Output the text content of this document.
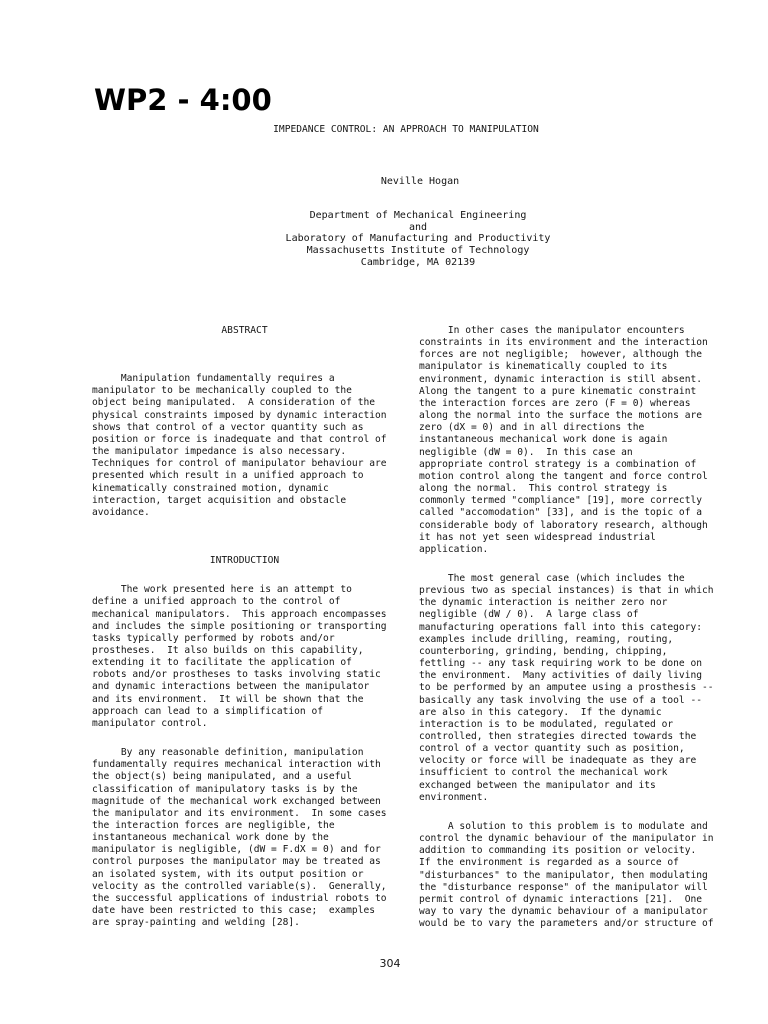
WP2 - 4:00
IMPEDANCE CONTROL: AN APPROACH TO MANIPULATION
Neville Hogan
Department of Mechanical Engineering
and
Laboratory of Manufacturing and Productivity
Massachusetts Institute of Technology
Cambridge, MA 02139
ABSTRACT
Manipulation fundamentally requires a
manipulator to be mechanically coupled to the
object being manipulated.  A consideration of the
physical constraints imposed by dynamic interaction
shows that control of a vector quantity such as
position or force is inadequate and that control of
the manipulator impedance is also necessary.
Techniques for control of manipulator behaviour are
presented which result in a unified approach to
kinematically constrained motion, dynamic
interaction, target acquisition and obstacle
avoidance.
INTRODUCTION
The work presented here is an attempt to
define a unified approach to the control of
mechanical manipulators.  This approach encompasses
and includes the simple positioning or transporting
tasks typically performed by robots and/or
prostheses.  It also builds on this capability,
extending it to facilitate the application of
robots and/or prostheses to tasks involving static
and dynamic interactions between the manipulator
and its environment.  It will be shown that the
approach can lead to a simplification of
manipulator control.
By any reasonable definition, manipulation
fundamentally requires mechanical interaction with
the object(s) being manipulated, and a useful
classification of manipulatory tasks is by the
magnitude of the mechanical work exchanged between
the manipulator and its environment.  In some cases
the interaction forces are negligible, the
instantaneous mechanical work done by the
manipulator is negligible, (dW = F.dX = 0) and for
control purposes the manipulator may be treated as
an isolated system, with its output position or
velocity as the controlled variable(s).  Generally,
the successful applications of industrial robots to
date have been restricted to this case;  examples
are spray-painting and welding [28].
In other cases the manipulator encounters
constraints in its environment and the interaction
forces are not negligible;  however, although the
manipulator is kinematically coupled to its
environment, dynamic interaction is still absent.
Along the tangent to a pure kinematic constraint
the interaction forces are zero (F = 0) whereas
along the normal into the surface the motions are
zero (dX = 0) and in all directions the
instantaneous mechanical work done is again
negligible (dW = 0).  In this case an
appropriate control strategy is a combination of
motion control along the tangent and force control
along the normal.  This control strategy is
commonly termed "compliance" [19], more correctly
called "accomodation" [33], and is the topic of a
considerable body of laboratory research, although
it has not yet seen widespread industrial
application.
The most general case (which includes the
previous two as special instances) is that in which
the dynamic interaction is neither zero nor
negligible (dW / 0).  A large class of
manufacturing operations fall into this category:
examples include drilling, reaming, routing,
counterboring, grinding, bending, chipping,
fettling -- any task requiring work to be done on
the environment.  Many activities of daily living
to be performed by an amputee using a prosthesis --
basically any task involving the use of a tool --
are also in this category.  If the dynamic
interaction is to be modulated, regulated or
controlled, then strategies directed towards the
control of a vector quantity such as position,
velocity or force will be inadequate as they are
insufficient to control the mechanical work
exchanged between the manipulator and its
environment.
A solution to this problem is to modulate and
control the dynamic behaviour of the manipulator in
addition to commanding its position or velocity.
If the environment is regarded as a source of
"disturbances" to the manipulator, then modulating
the "disturbance response" of the manipulator will
permit control of dynamic interactions [21].  One
way to vary the dynamic behaviour of a manipulator
would be to vary the parameters and/or structure of
304
